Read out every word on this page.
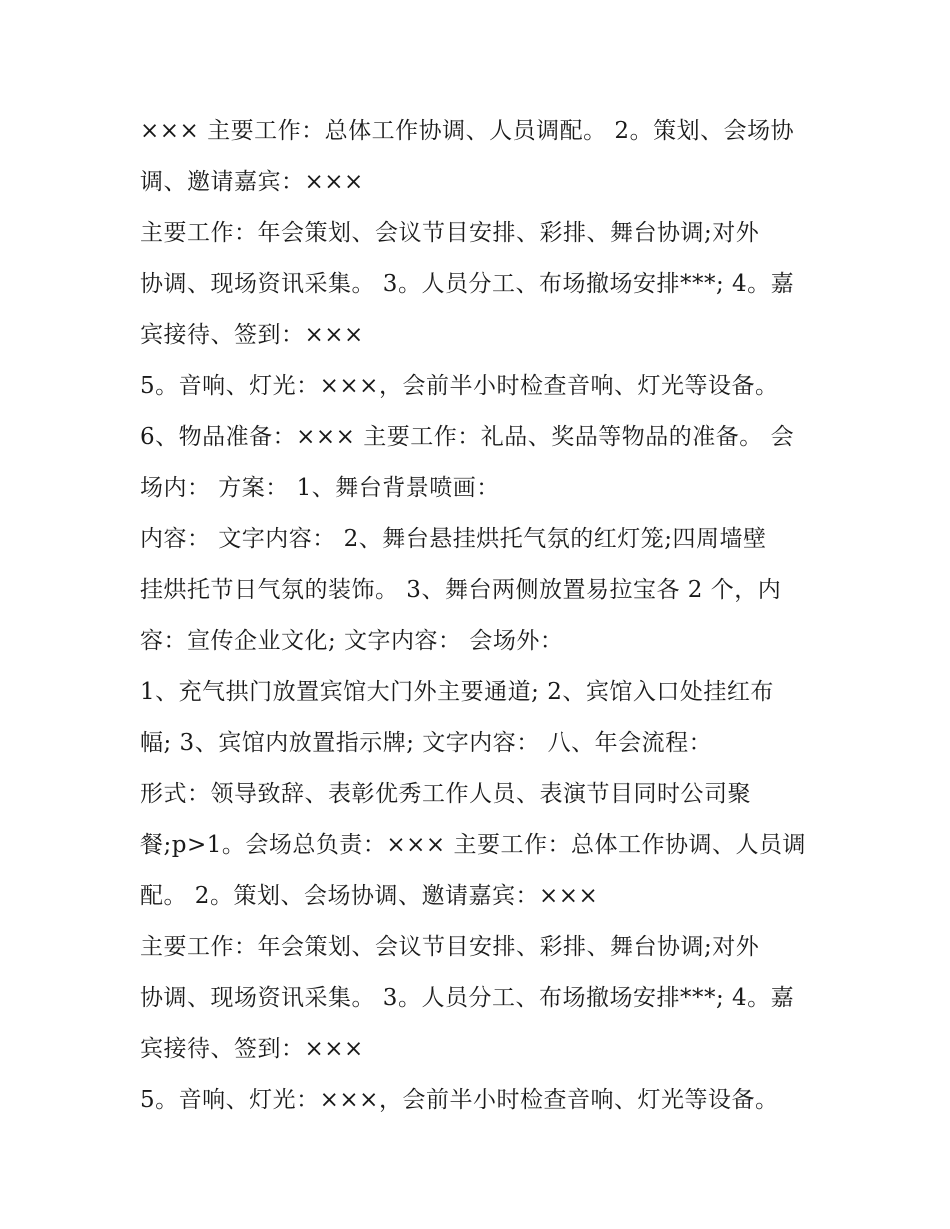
××× 主要工作：总体工作协调、人员调配。 2。策划、会场协
调、邀请嘉宾：×××
主要工作：年会策划、会议节目安排、彩排、舞台协调;对外
协调、现场资讯采集。 3。人员分工、布场撤场安排***; 4。嘉
宾接待、签到：×××
5。音响、灯光：×××，会前半小时检查音响、灯光等设备。
6、物品准备：××× 主要工作：礼品、奖品等物品的准备。 会
场内： 方案： 1、舞台背景喷画：
内容： 文字内容： 2、舞台悬挂烘托气氛的红灯笼;四周墙壁
挂烘托节日气氛的装饰。 3、舞台两侧放置易拉宝各 2 个，内
容：宣传企业文化; 文字内容： 会场外：
1、充气拱门放置宾馆大门外主要通道; 2、宾馆入口处挂红布
幅; 3、宾馆内放置指示牌; 文字内容： 八、年会流程：
形式：领导致辞、表彰优秀工作人员、表演节目同时公司聚
餐;p>1。会场总负责：××× 主要工作：总体工作协调、人员调
配。 2。策划、会场协调、邀请嘉宾：×××
主要工作：年会策划、会议节目安排、彩排、舞台协调;对外
协调、现场资讯采集。 3。人员分工、布场撤场安排***; 4。嘉
宾接待、签到：×××
5。音响、灯光：×××，会前半小时检查音响、灯光等设备。
